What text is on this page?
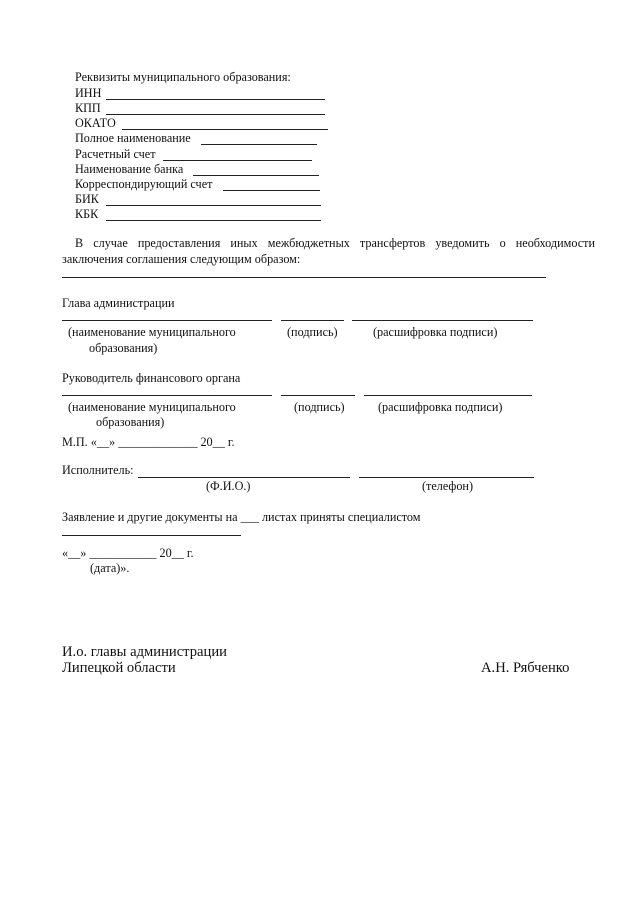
Реквизиты муниципального образования:
ИНН
КПП
ОКАТО
Полное наименование
Расчетный счет
Наименование банка
Корреспондирующий счет
БИК
КБК
В случае предоставления иных межбюджетных трансфертов уведомить о необходимости
заключения соглашения следующим образом:
Глава администрации
(наименование муниципального
образования)
(подпись)	(расшифровка подписи)
Руководитель финансового органа
(наименование муниципального
образования)
(подпись)	(расшифровка подписи)
М.П. «__» _____________ 20__ г.
Исполнитель:
(Ф.И.О.)	(телефон)
Заявление и другие документы на ___ листах приняты специалистом
«__» ___________ 20__ г.
(дата)».
И.о. главы администрации
Липецкой области	А.Н. Рябченко
